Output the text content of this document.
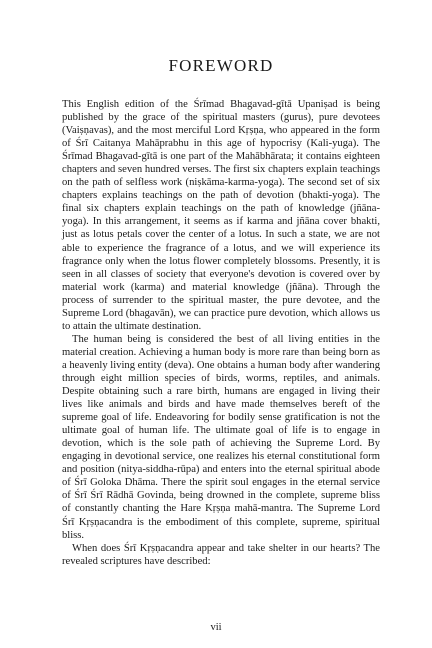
FOREWORD

This English edition of the Śrīmad Bhagavad-gītā Upaniṣad is being published by the grace of the spiritual masters (gurus), pure devotees (Vaiṣṇavas), and the most merciful Lord Kṛṣṇa, who appeared in the form of Śrī Caitanya Mahāprabhu in this age of hypocrisy (Kali-yuga). The Śrīmad Bhagavad-gītā is one part of the Mahābhārata; it contains eighteen chapters and seven hundred verses. The first six chapters explain teachings on the path of selfless work (niṣkāma-karma-yoga). The second set of six chapters explains teachings on the path of devotion (bhakti-yoga). The final six chapters explain teachings on the path of knowledge (jñāna-yoga). In this arrangement, it seems as if karma and jñāna cover bhakti, just as lotus petals cover the center of a lotus. In such a state, we are not able to experience the fragrance of a lotus, and we will experience its fragrance only when the lotus flower completely blossoms. Presently, it is seen in all classes of society that everyone's devotion is covered over by material work (karma) and material knowledge (jñāna). Through the process of surrender to the spiritual master, the pure devotee, and the Supreme Lord (bhagavān), we can practice pure devotion, which allows us to attain the ultimate destination.

The human being is considered the best of all living entities in the material creation. Achieving a human body is more rare than being born as a heavenly living entity (deva). One obtains a human body after wandering through eight million species of birds, worms, reptiles, and animals. Despite obtaining such a rare birth, humans are engaged in living their lives like animals and birds and have made themselves bereft of the supreme goal of life. Endeavoring for bodily sense gratification is not the ultimate goal of human life. The ultimate goal of life is to engage in devotion, which is the sole path of achieving the Supreme Lord. By engaging in devotional service, one realizes his eternal constitutional form and position (nitya-siddha-rūpa) and enters into the eternal spiritual abode of Śrī Goloka Dhāma. There the spirit soul engages in the eternal service of Śrī Śrī Rādhā Govinda, being drowned in the complete, supreme bliss of constantly chanting the Hare Kṛṣṇa mahā-mantra. The Supreme Lord Śrī Kṛṣṇacandra is the embodiment of this complete, supreme, spiritual bliss.

When does Śrī Kṛṣṇacandra appear and take shelter in our hearts? The revealed scriptures have described:

vii
